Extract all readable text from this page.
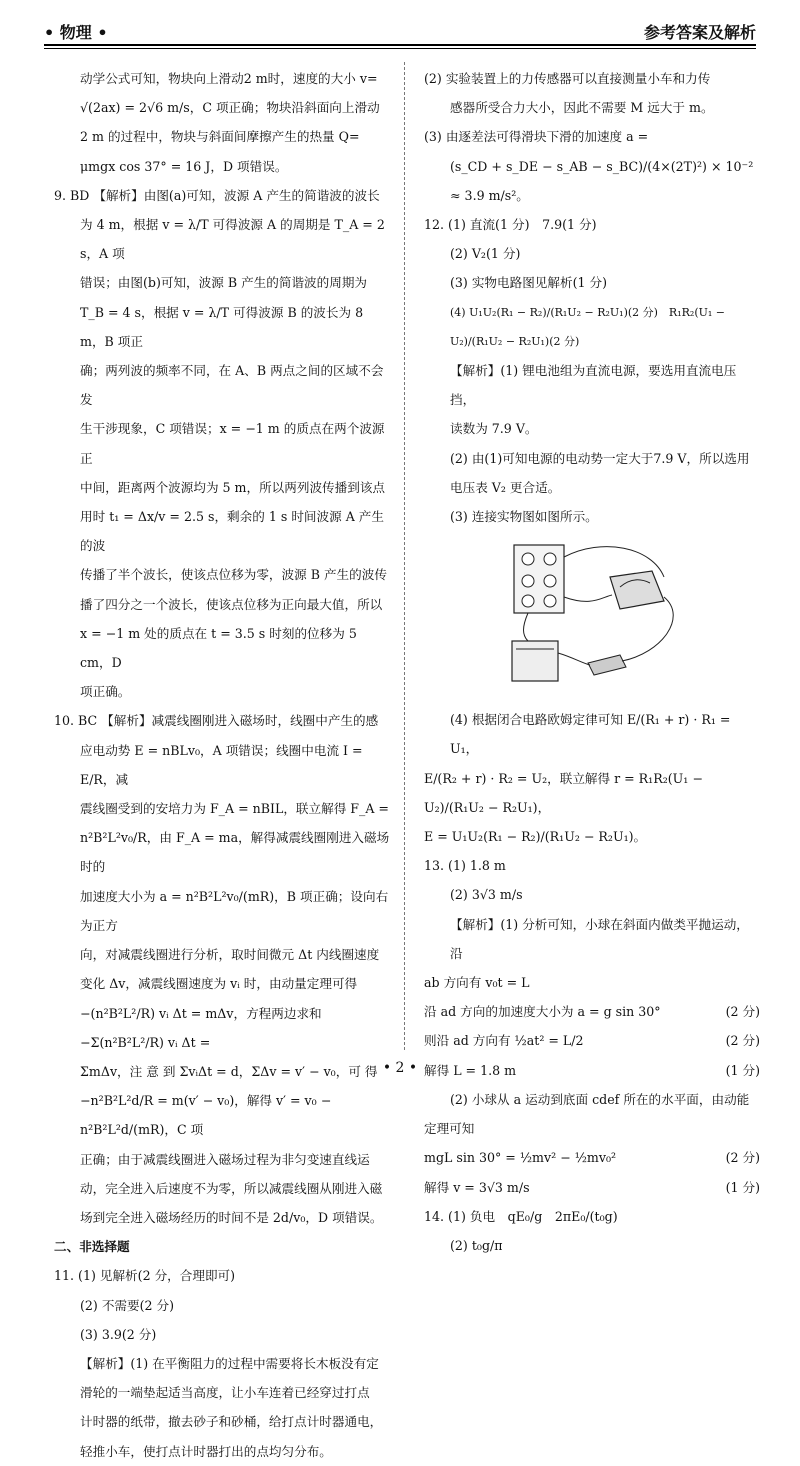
• 物理 •	参考答案及解析

动学公式可知，物块向上滑动2 m时，速度的大小 v=

√(2ax) = 2√6 m/s，C 项正确；物块沿斜面向上滑动

2 m 的过程中，物块与斜面间摩擦产生的热量 Q=

μmgx cos 37° = 16 J，D 项错误。

9. BD 【解析】由图(a)可知，波源 A 产生的简谐波的波长

为 4 m，根据 v = λ/T 可得波源 A 的周期是 T_A = 2 s，A 项

错误；由图(b)可知，波源 B 产生的简谐波的周期为

T_B = 4 s，根据 v = λ/T 可得波源 B 的波长为 8 m，B 项正

确；两列波的频率不同，在 A、B 两点之间的区域不会发

生干涉现象，C 项错误；x = −1 m 的质点在两个波源正

中间，距离两个波源均为 5 m，所以两列波传播到该点

用时 t₁ = Δx/v = 2.5 s，剩余的 1 s 时间波源 A 产生的波

传播了半个波长，使该点位移为零，波源 B 产生的波传

播了四分之一个波长，使该点位移为正向最大值，所以

x = −1 m 处的质点在 t = 3.5 s 时刻的位移为 5 cm，D

项正确。

10. BC 【解析】减震线圈刚进入磁场时，线圈中产生的感

应电动势 E = nBLv₀，A 项错误；线圈中电流 I = E/R，减

震线圈受到的安培力为 F_A = nBIL，联立解得 F_A =

n²B²L²v₀/R，由 F_A = ma，解得减震线圈刚进入磁场时的

加速度大小为 a = n²B²L²v₀/(mR)，B 项正确；设向右为正方

向，对减震线圈进行分析，取时间微元 Δt 内线圈速度

变化 Δv，减震线圈速度为 vᵢ 时，由动量定理可得

−(n²B²L²/R) vᵢ Δt = mΔv，方程两边求和 −Σ(n²B²L²/R) vᵢ Δt =

ΣmΔv，注 意 到 ΣvᵢΔt = d，ΣΔv = v′ − v₀，可 得

−n²B²L²d/R = m(v′ − v₀)，解得 v′ = v₀ − n²B²L²d/(mR)，C 项

正确；由于减震线圈进入磁场过程为非匀变速直线运

动，完全进入后速度不为零，所以减震线圈从刚进入磁

场到完全进入磁场经历的时间不是 2d/v₀，D 项错误。

二、非选择题

11. (1) 见解析(2 分，合理即可)

(2) 不需要(2 分)

(3) 3.9(2 分)

【解析】(1) 在平衡阻力的过程中需要将长木板没有定

滑轮的一端垫起适当高度，让小车连着已经穿过打点

计时器的纸带，撤去砂子和砂桶，给打点计时器通电，

轻推小车，使打点计时器打出的点均匀分布。

(2) 实验装置上的力传感器可以直接测量小车和力传

感器所受合力大小，因此不需要 M 远大于 m。

(3) 由逐差法可得滑块下滑的加速度 a =

(s_CD + s_DE − s_AB − s_BC)/(4×(2T)²) × 10⁻² ≈ 3.9 m/s²。

12. (1) 直流(1 分)　7.9(1 分)

(2) V₂(1 分)

(3) 实物电路图见解析(1 分)

(4) U₁U₂(R₁ − R₂)/(R₁U₂ − R₂U₁)(2 分)　R₁R₂(U₁ − U₂)/(R₁U₂ − R₂U₁)(2 分)

【解析】(1) 锂电池组为直流电源，要选用直流电压挡，

读数为 7.9 V。

(2) 由(1)可知电源的电动势一定大于7.9 V，所以选用

电压表 V₂ 更合适。

(3) 连接实物图如图所示。

(4) 根据闭合电路欧姆定律可知 E/(R₁ + r) · R₁ = U₁，

E/(R₂ + r) · R₂ = U₂，联立解得 r = R₁R₂(U₁ − U₂)/(R₁U₂ − R₂U₁)，

E = U₁U₂(R₁ − R₂)/(R₁U₂ − R₂U₁)。

13. (1) 1.8 m

(2) 3√3 m/s

【解析】(1) 分析可知，小球在斜面内做类平抛运动，沿

ab 方向有 v₀t = L

沿 ad 方向的加速度大小为 a = g sin 30°	(2 分)
则沿 ad 方向有 ½at² = L/2	(2 分)
解得 L = 1.8 m	(1 分)

(2) 小球从 a 运动到底面 cdef 所在的水平面，由动能

定理可知

mgL sin 30° = ½mv² − ½mv₀²	(2 分)
解得 v = 3√3 m/s	(1 分)

14. (1) 负电　qE₀/g　2πE₀/(t₀g)

(2) t₀g/π

• 2 •
